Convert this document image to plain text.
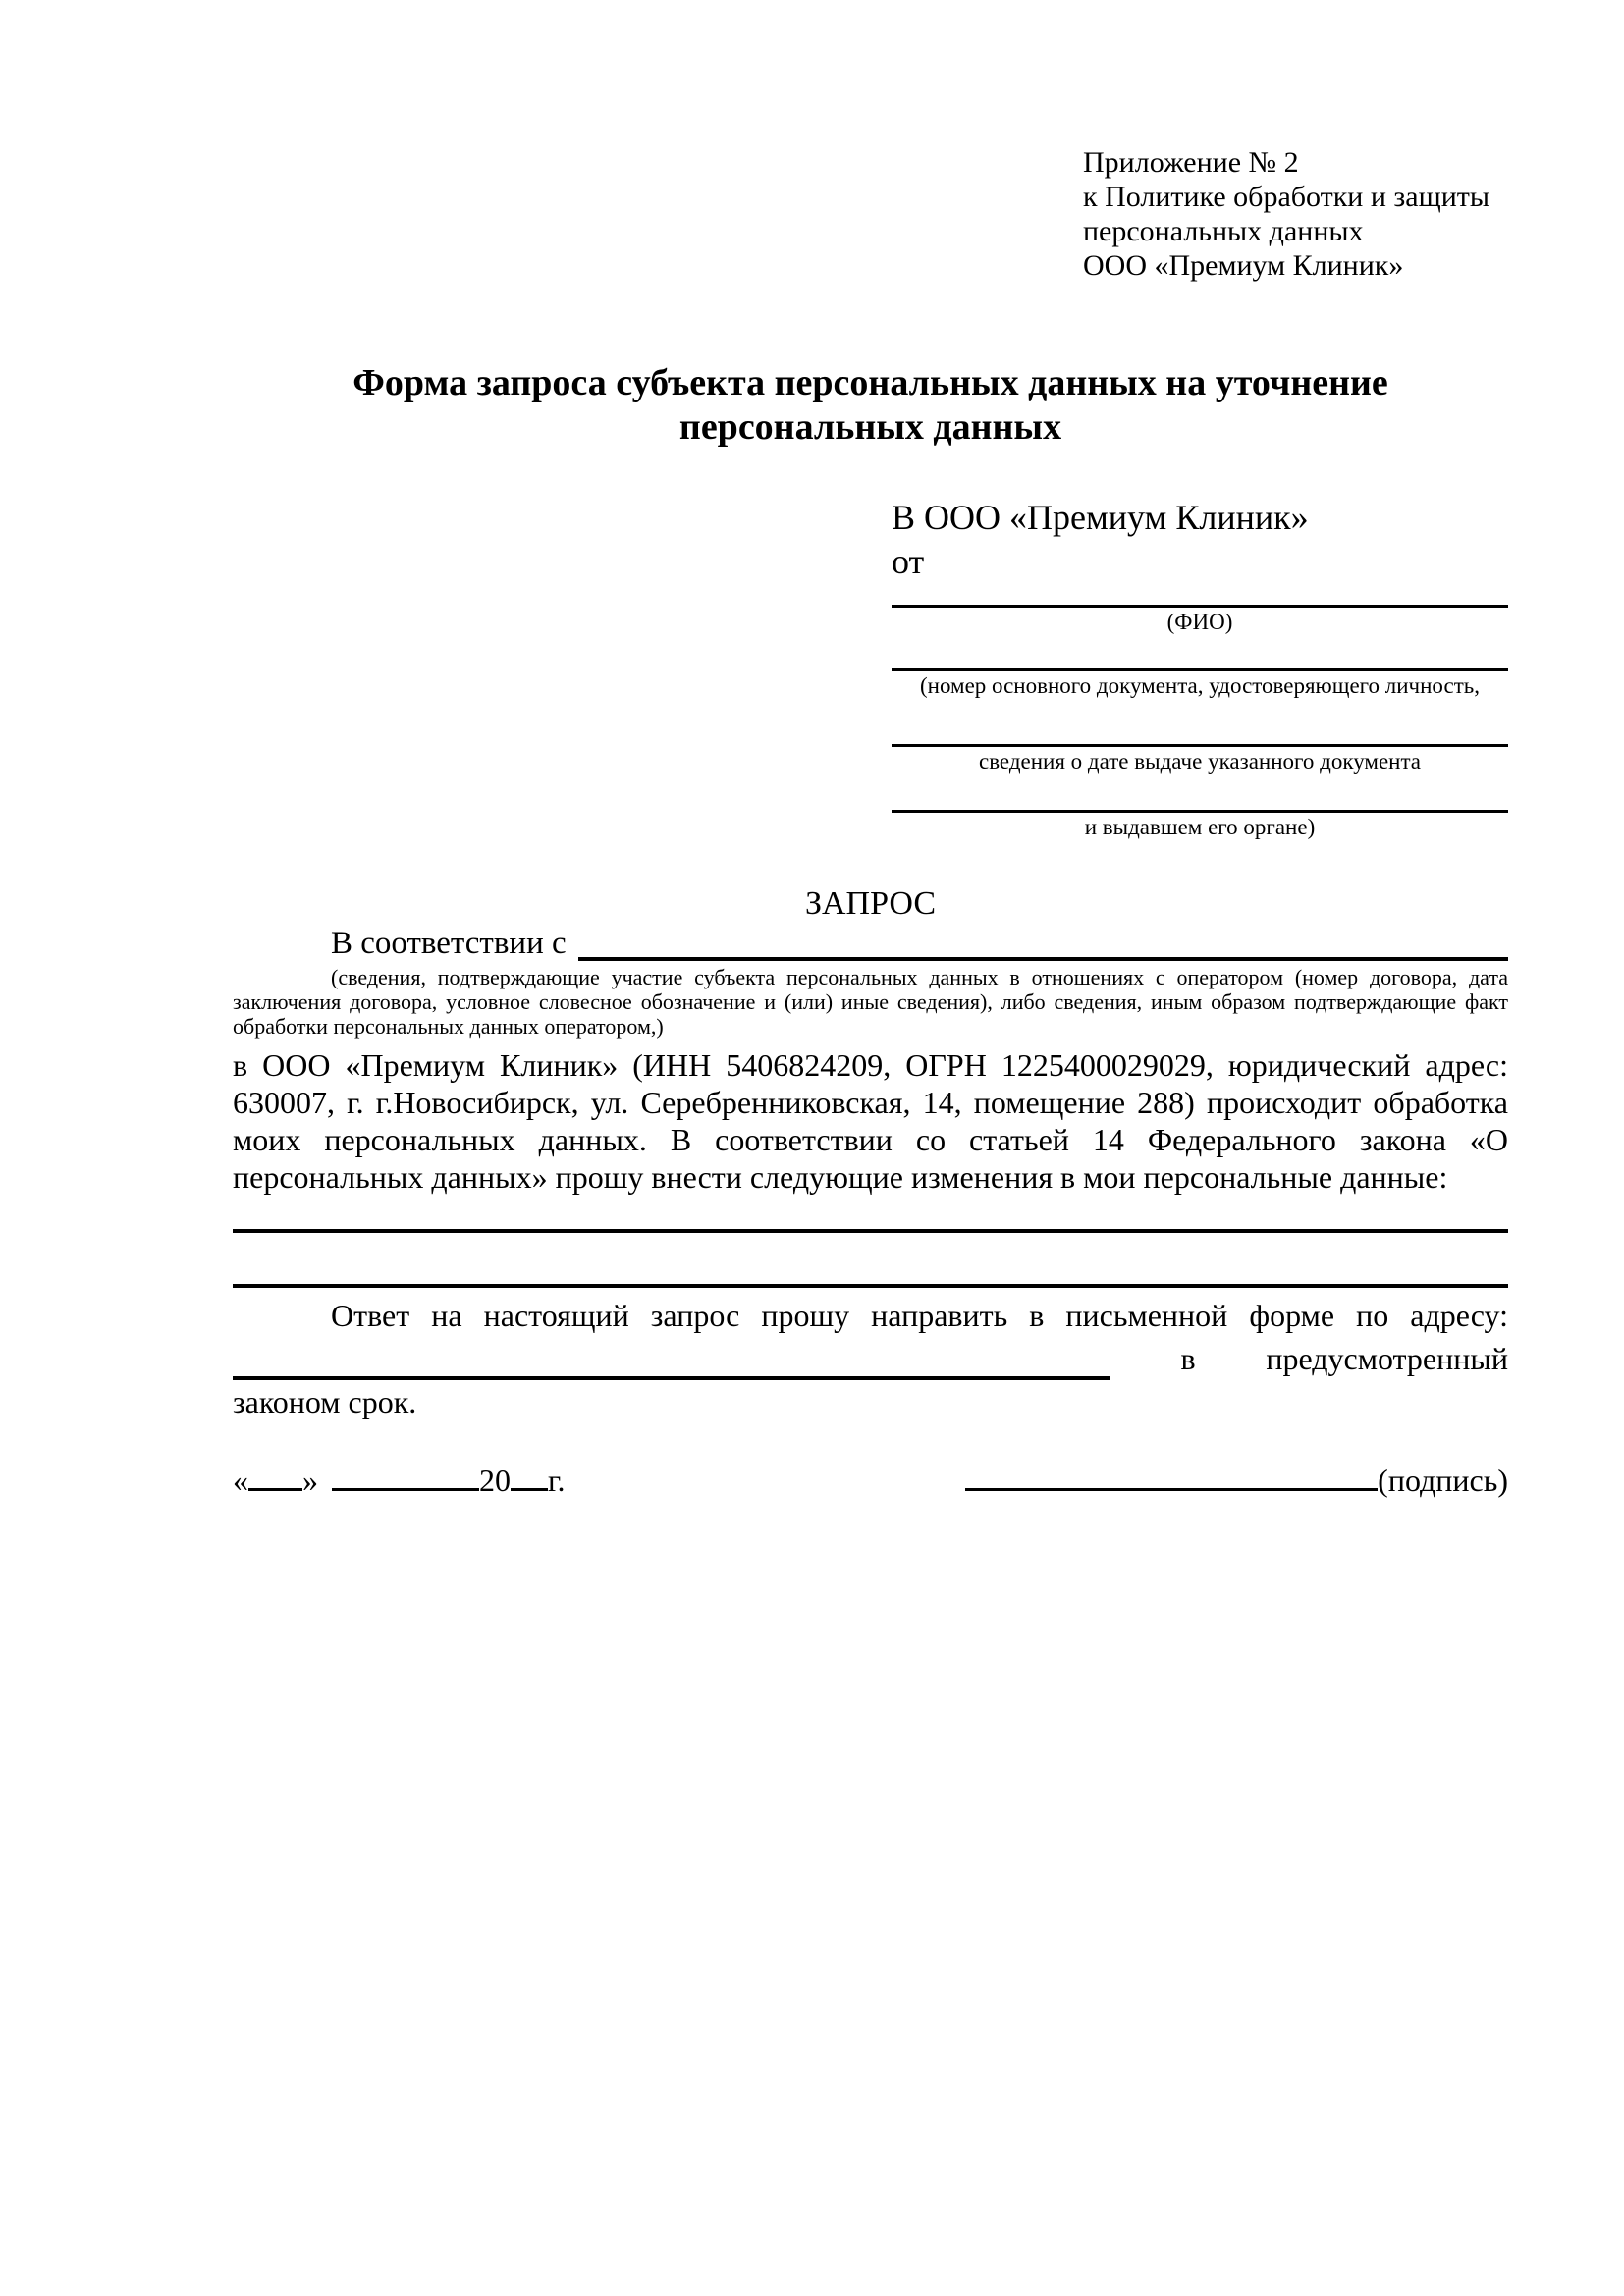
Приложение № 2
к Политике обработки и защиты
персональных данных
ООО «Премиум Клиник»
Форма запроса субъекта персональных данных на уточнение персональных данных
В ООО «Премиум Клиник»
от
(ФИО)
(номер основного документа, удостоверяющего личность,
сведения о дате выдаче указанного документа
и выдавшем его органе)
ЗАПРОС
В соответствии с

(сведения, подтверждающие участие субъекта персональных данных в отношениях с оператором (номер договора, дата заключения договора, условное словесное обозначение и (или) иные сведения), либо сведения, иным образом подтверждающие факт обработки персональных данных оператором,)

в ООО «Премиум Клиник» (ИНН 5406824209, ОГРН 1225400029029, юридический адрес: 630007, г. г.Новосибирск, ул. Серебренниковская, 14, помещение 288) происходит обработка моих персональных данных. В соответствии со статьей 14 Федерального закона «О персональных данных» прошу внести следующие изменения в мои персональные данные:

Ответ на настоящий запрос прошу направить в письменной форме по адресу:

в предусмотренный

законом срок.

« »	20 г.	(подпись)
